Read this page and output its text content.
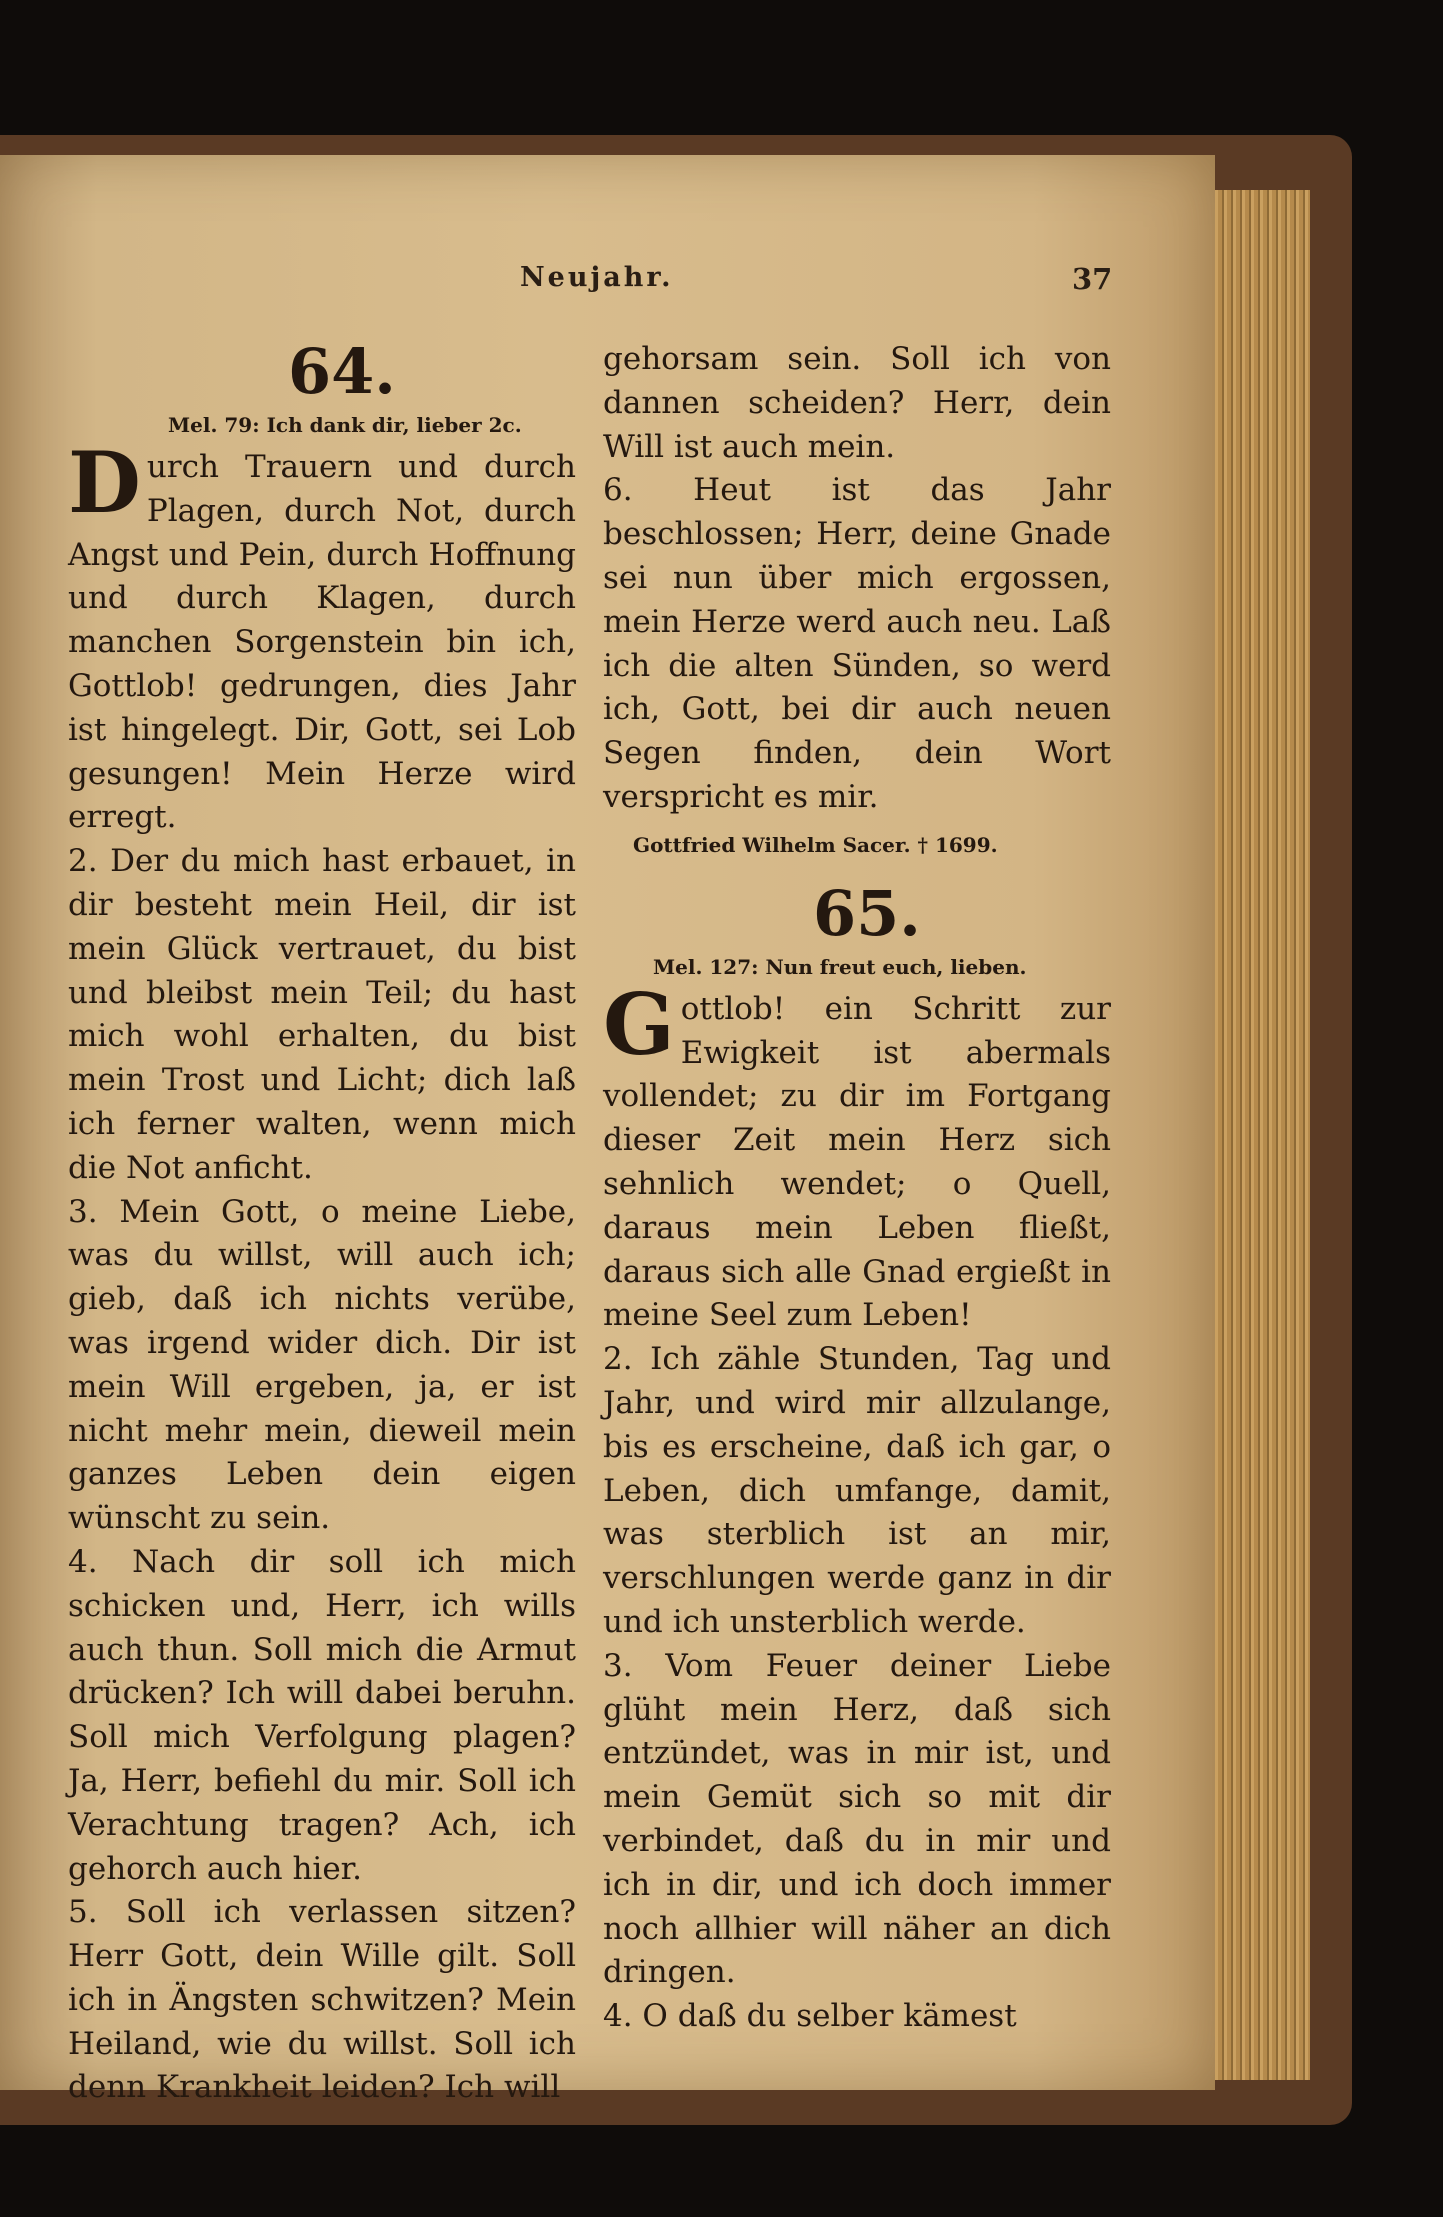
Neujahr.	37
64.
Mel. 79: Ich dank dir, lieber 2c.

Durch Trauern und durch Plagen, durch Not, durch Angst und Pein, durch Hoffnung und durch Klagen, durch manchen Sorgenstein bin ich, Gottlob! gedrungen, dies Jahr ist hingelegt. Dir, Gott, sei Lob gesungen! Mein Herze wird erregt.

2. Der du mich hast erbauet, in dir besteht mein Heil, dir ist mein Glück vertrauet, du bist und bleibst mein Teil; du hast mich wohl erhalten, du bist mein Trost und Licht; dich laß ich ferner walten, wenn mich die Not anficht.

3. Mein Gott, o meine Liebe, was du willst, will auch ich; gieb, daß ich nichts verübe, was irgend wider dich. Dir ist mein Will ergeben, ja, er ist nicht mehr mein, dieweil mein ganzes Leben dein eigen wünscht zu sein.

4. Nach dir soll ich mich schicken und, Herr, ich wills auch thun. Soll mich die Armut drücken? Ich will dabei beruhn. Soll mich Verfolgung plagen? Ja, Herr, befiehl du mir. Soll ich Verachtung tragen? Ach, ich gehorch auch hier.

5. Soll ich verlassen sitzen? Herr Gott, dein Wille gilt. Soll ich in Ängsten schwitzen? Mein Heiland, wie du willst. Soll ich denn Krankheit leiden? Ich will

gehorsam sein. Soll ich von dannen scheiden? Herr, dein Will ist auch mein.

6. Heut ist das Jahr beschlossen; Herr, deine Gnade sei nun über mich ergossen, mein Herze werd auch neu. Laß ich die alten Sünden, so werd ich, Gott, bei dir auch neuen Segen finden, dein Wort verspricht es mir.

Gottfried Wilhelm Sacer. † 1699.
65.
Mel. 127: Nun freut euch, lieben.

Gottlob! ein Schritt zur Ewigkeit ist abermals vollendet; zu dir im Fortgang dieser Zeit mein Herz sich sehnlich wendet; o Quell, daraus mein Leben fließt, daraus sich alle Gnad ergießt in meine Seel zum Leben!

2. Ich zähle Stunden, Tag und Jahr, und wird mir allzulange, bis es erscheine, daß ich gar, o Leben, dich umfange, damit, was sterblich ist an mir, verschlungen werde ganz in dir und ich unsterblich werde.

3. Vom Feuer deiner Liebe glüht mein Herz, daß sich entzündet, was in mir ist, und mein Gemüt sich so mit dir verbindet, daß du in mir und ich in dir, und ich doch immer noch allhier will näher an dich dringen.

4. O daß du selber kämest
